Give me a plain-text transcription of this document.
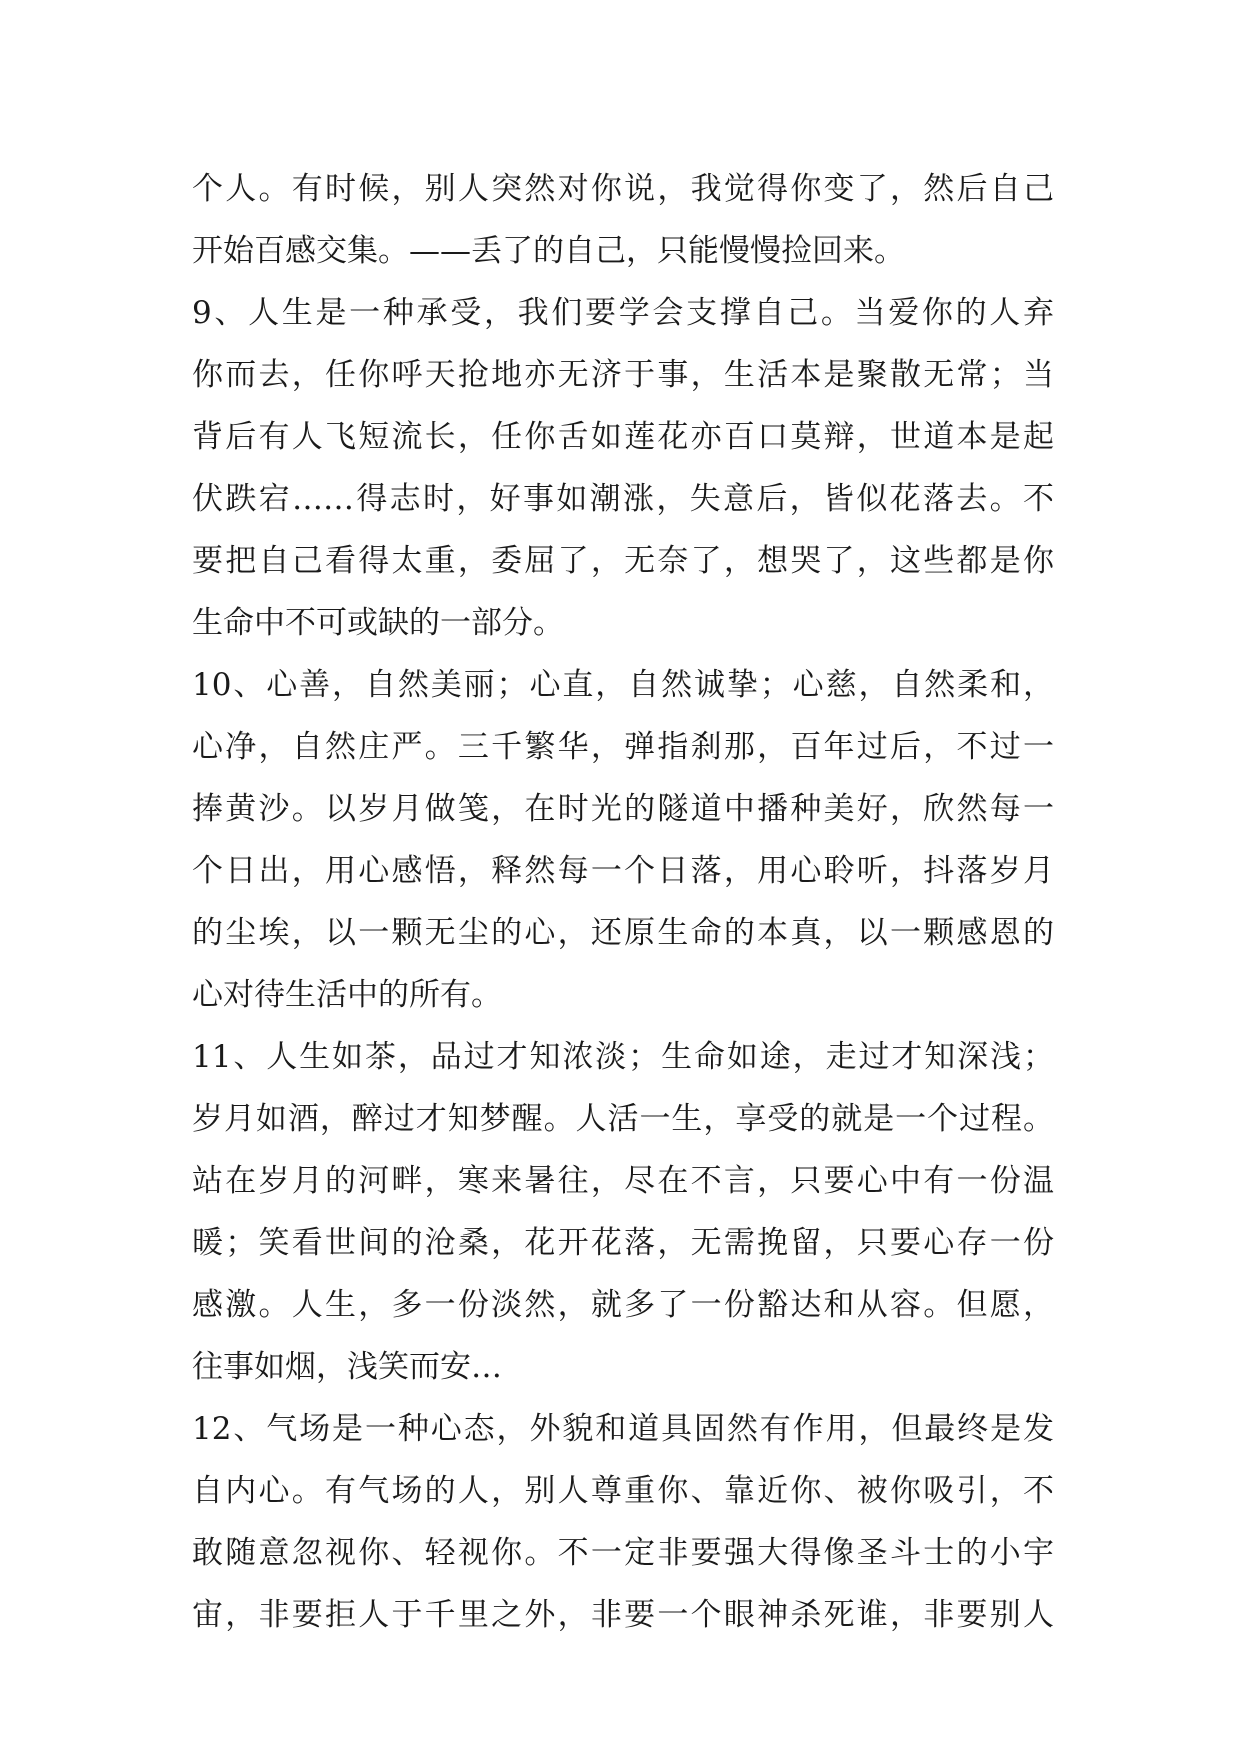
个人。有时候，别人突然对你说，我觉得你变了，然后自己
开始百感交集。——丢了的自己，只能慢慢捡回来。
9、人生是一种承受，我们要学会支撑自己。当爱你的人弃
你而去，任你呼天抢地亦无济于事，生活本是聚散无常；当
背后有人飞短流长，任你舌如莲花亦百口莫辩，世道本是起
伏跌宕……得志时，好事如潮涨，失意后，皆似花落去。不
要把自己看得太重，委屈了，无奈了，想哭了，这些都是你
生命中不可或缺的一部分。
10、心善，自然美丽；心直，自然诚挚；心慈，自然柔和，
心净，自然庄严。三千繁华，弹指刹那，百年过后，不过一
捧黄沙。以岁月做笺，在时光的隧道中播种美好，欣然每一
个日出，用心感悟，释然每一个日落，用心聆听，抖落岁月
的尘埃，以一颗无尘的心，还原生命的本真，以一颗感恩的
心对待生活中的所有。
11、人生如茶，品过才知浓淡；生命如途，走过才知深浅；
岁月如酒，醉过才知梦醒。人活一生，享受的就是一个过程。
站在岁月的河畔，寒来暑往，尽在不言，只要心中有一份温
暖；笑看世间的沧桑，花开花落，无需挽留，只要心存一份
感激。人生，多一份淡然，就多了一份豁达和从容。但愿，
往事如烟，浅笑而安…
12、气场是一种心态，外貌和道具固然有作用，但最终是发
自内心。有气场的人，别人尊重你、靠近你、被你吸引，不
敢随意忽视你、轻视你。不一定非要强大得像圣斗士的小宇
宙，非要拒人于千里之外，非要一个眼神杀死谁，非要别人
